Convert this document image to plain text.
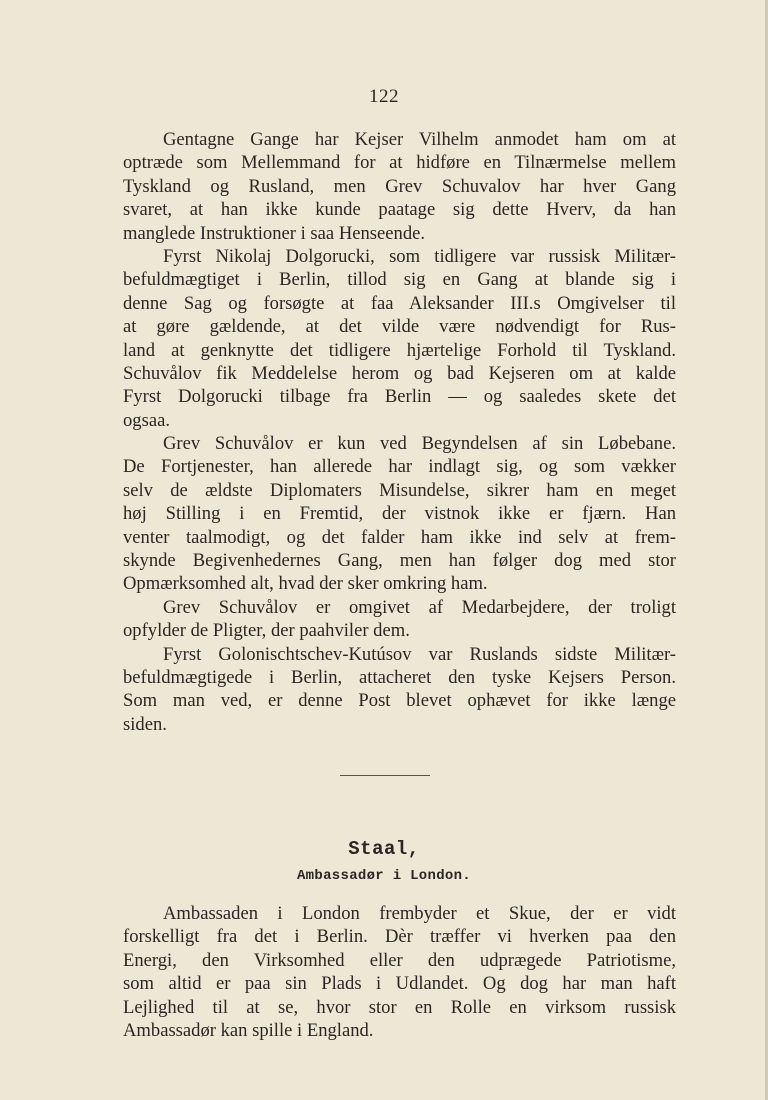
122
Gentagne Gange har Kejser Vilhelm anmodet ham om at
optræde som Mellemmand for at hidføre en Tilnærmelse mellem
Tyskland og Rusland, men Grev Schuvalov har hver Gang
svaret, at han ikke kunde paatage sig dette Hverv, da han
manglede Instruktioner i saa Henseende.
Fyrst Nikolaj Dolgorucki, som tidligere var russisk Militær-
befuldmægtiget i Berlin, tillod sig en Gang at blande sig i
denne Sag og forsøgte at faa Aleksander III.s Omgivelser til
at gøre gældende, at det vilde være nødvendigt for Rus-
land at genknytte det tidligere hjærtelige Forhold til Tyskland.
Schuvålov fik Meddelelse herom og bad Kejseren om at kalde
Fyrst Dolgorucki tilbage fra Berlin — og saaledes skete det
ogsaa.
Grev Schuvålov er kun ved Begyndelsen af sin Løbebane.
De Fortjenester, han allerede har indlagt sig, og som vækker
selv de ældste Diplomaters Misundelse, sikrer ham en meget
høj Stilling i en Fremtid, der vistnok ikke er fjærn. Han
venter taalmodigt, og det falder ham ikke ind selv at frem-
skynde Begivenhedernes Gang, men han følger dog med stor
Opmærksomhed alt, hvad der sker omkring ham.
Grev Schuvålov er omgivet af Medarbejdere, der troligt
opfylder de Pligter, der paahviler dem.
Fyrst Golonischtschev-Kutúsov var Ruslands sidste Militær-
befuldmægtigede i Berlin, attacheret den tyske Kejsers Person.
Som man ved, er denne Post blevet ophævet for ikke længe
siden.
Staal,
Ambassadør i London.
Ambassaden i London frembyder et Skue, der er vidt
forskelligt fra det i Berlin. Dèr træffer vi hverken paa den
Energi, den Virksomhed eller den udprægede Patriotisme,
som altid er paa sin Plads i Udlandet. Og dog har man haft
Lejlighed til at se, hvor stor en Rolle en virksom russisk
Ambassadør kan spille i England.
